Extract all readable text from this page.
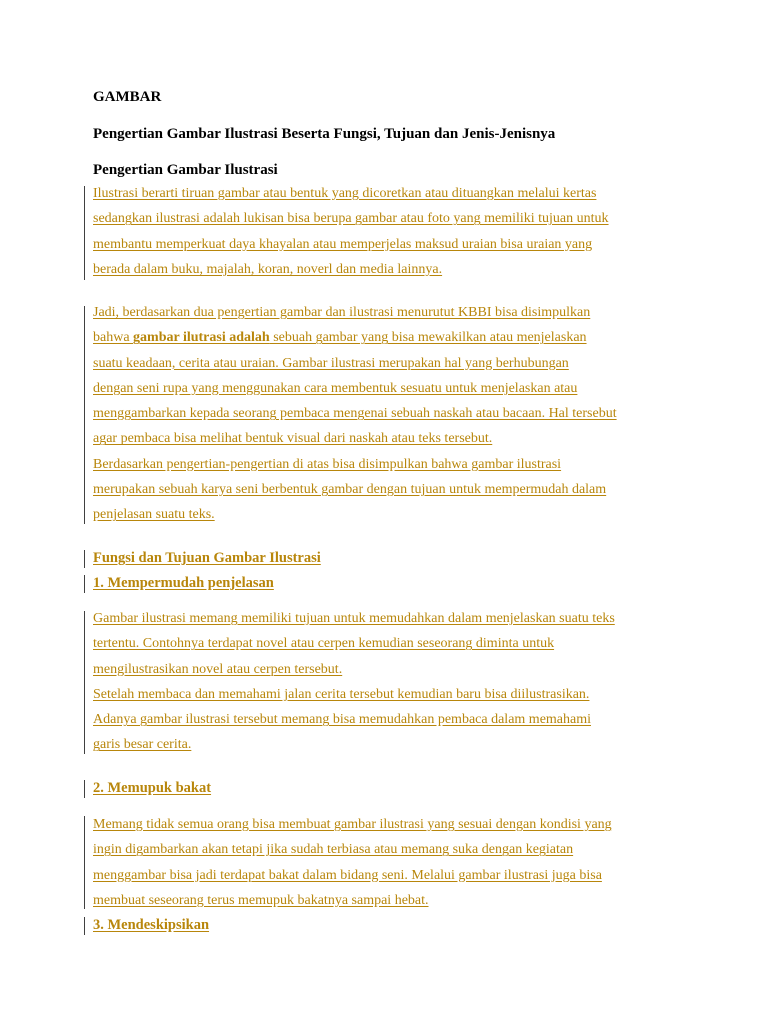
GAMBAR
Pengertian Gambar Ilustrasi Beserta Fungsi, Tujuan dan Jenis-Jenisnya
Pengertian Gambar Ilustrasi

Ilustrasi berarti tiruan gambar atau bentuk yang dicoretkan atau dituangkan melalui kertas

sedangkan ilustrasi adalah lukisan bisa berupa gambar atau foto yang memiliki tujuan untuk

membantu memperkuat daya khayalan atau memperjelas maksud uraian bisa uraian yang

berada dalam buku, majalah, koran, noverl dan media lainnya.

Jadi, berdasarkan dua pengertian gambar dan ilustrasi menurutut KBBI bisa disimpulkan

bahwa gambar ilutrasi adalah sebuah gambar yang bisa mewakilkan atau menjelaskan

suatu keadaan, cerita atau uraian. Gambar ilustrasi merupakan hal yang berhubungan

dengan seni rupa yang menggunakan cara membentuk sesuatu untuk menjelaskan atau

menggambarkan kepada seorang pembaca mengenai sebuah naskah atau bacaan. Hal tersebut

agar pembaca bisa melihat bentuk visual dari naskah atau teks tersebut.

Berdasarkan pengertian-pengertian di atas bisa disimpulkan bahwa gambar ilustrasi

merupakan sebuah karya seni berbentuk gambar dengan tujuan untuk mempermudah dalam

penjelasan suatu teks.

Fungsi dan Tujuan Gambar Ilustrasi
1. Mempermudah penjelasan

Gambar ilustrasi memang memiliki tujuan untuk memudahkan dalam menjelaskan suatu teks

tertentu. Contohnya terdapat novel atau cerpen kemudian seseorang diminta untuk

mengilustrasikan novel atau cerpen tersebut.

Setelah membaca dan memahami jalan cerita tersebut kemudian baru bisa diilustrasikan.

Adanya gambar ilustrasi tersebut memang bisa memudahkan pembaca dalam memahami

garis besar cerita.

2. Memupuk bakat

Memang tidak semua orang bisa membuat gambar ilustrasi yang sesuai dengan kondisi yang

ingin digambarkan akan tetapi jika sudah terbiasa atau memang suka dengan kegiatan

menggambar bisa jadi terdapat bakat dalam bidang seni. Melalui gambar ilustrasi juga bisa

membuat seseorang terus memupuk bakatnya sampai hebat.

3. Mendeskipsikan
